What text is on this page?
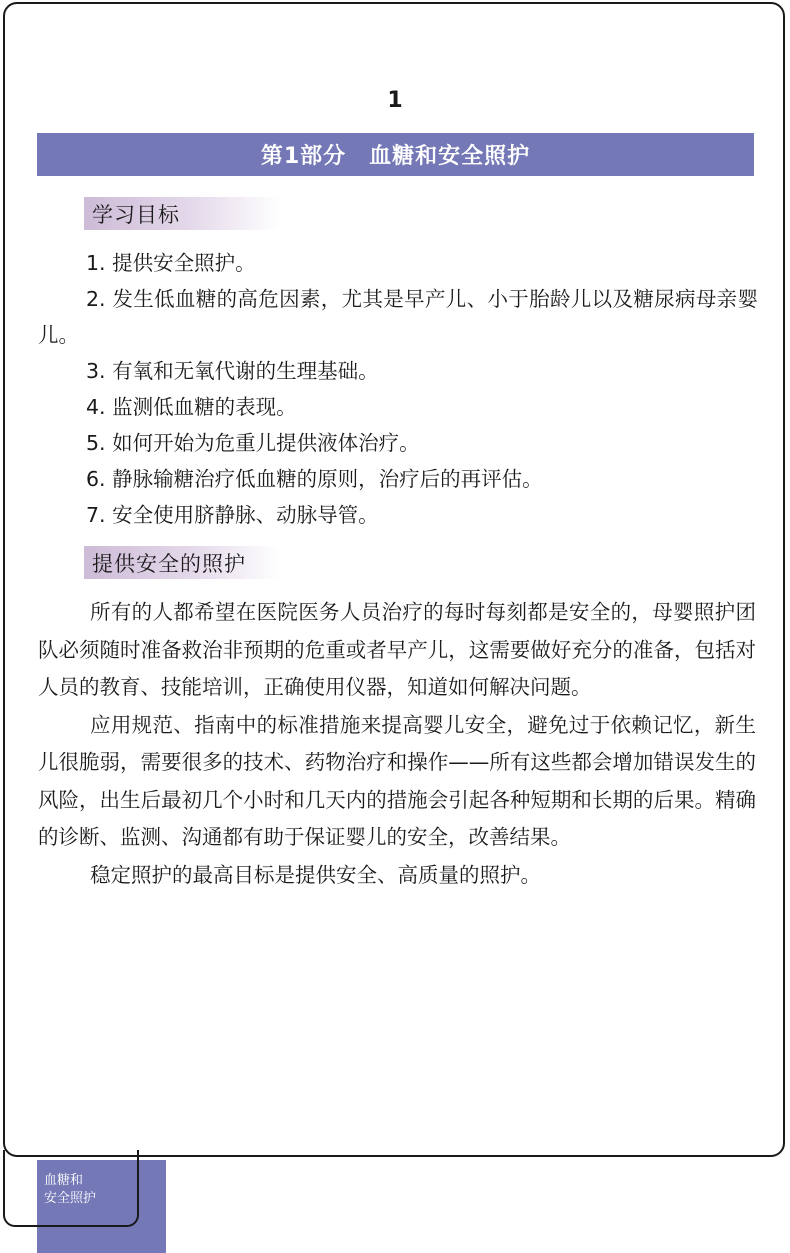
1
第1部分　血糖和安全照护
学习目标
1. 提供安全照护。
2. 发生低血糖的高危因素，尤其是早产儿、小于胎龄儿以及糖尿病母亲婴儿。
3. 有氧和无氧代谢的生理基础。
4. 监测低血糖的表现。
5. 如何开始为危重儿提供液体治疗。
6. 静脉输糖治疗低血糖的原则，治疗后的再评估。
7. 安全使用脐静脉、动脉导管。
提供安全的照护

所有的人都希望在医院医务人员治疗的每时每刻都是安全的，母婴照护团队必须随时准备救治非预期的危重或者早产儿，这需要做好充分的准备，包括对人员的教育、技能培训，正确使用仪器，知道如何解决问题。

应用规范、指南中的标准措施来提高婴儿安全，避免过于依赖记忆，新生儿很脆弱，需要很多的技术、药物治疗和操作——所有这些都会增加错误发生的风险，出生后最初几个小时和几天内的措施会引起各种短期和长期的后果。精确的诊断、监测、沟通都有助于保证婴儿的安全，改善结果。

稳定照护的最高目标是提供安全、高质量的照护。

血糖和
安全照护
